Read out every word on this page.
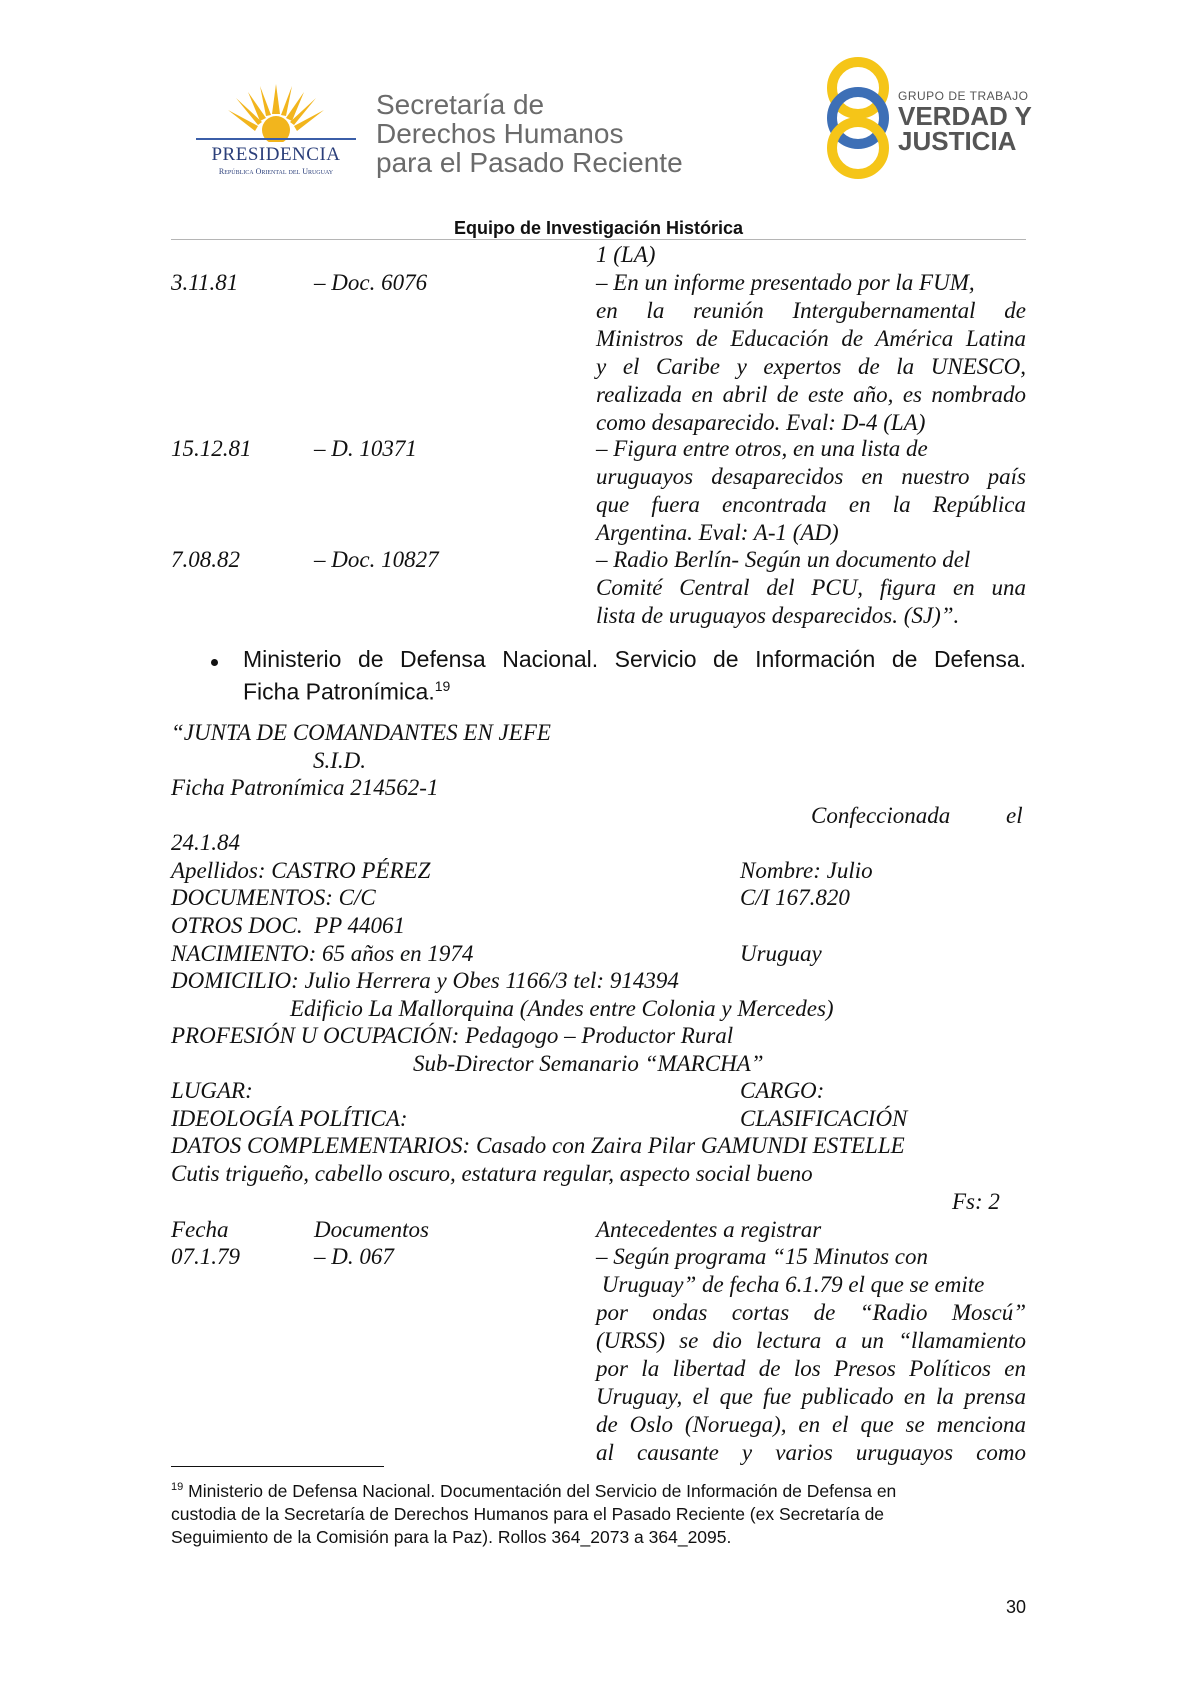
PRESIDENCIA
República Oriental del Uruguay
Secretaría de
Derechos Humanos
para el Pasado Reciente
GRUPO DE TRABAJO
VERDAD Y
JUSTICIA
Equipo de Investigación Histórica
1 (LA)
3.11.81	– Doc. 6076	– En un informe presentado por la FUM,
en la reunión Intergubernamental de
Ministros de Educación de América Latina
y el Caribe y expertos de la UNESCO,
realizada en abril de este año, es nombrado
como desaparecido. Eval: D-4 (LA)
15.12.81	– D. 10371	– Figura entre otros, en una lista de
uruguayos desaparecidos en nuestro país
que fuera encontrada en la República
Argentina. Eval: A-1 (AD)
7.08.82	– Doc. 10827	– Radio Berlín- Según un documento del
Comité Central del PCU, figura en una
lista de uruguayos desparecidos. (SJ)”.
Ministerio de Defensa Nacional. Servicio de Información de Defensa.
Ficha Patronímica.$^{19}$
“JUNTA DE COMANDANTES EN JEFE
S.I.D.
Ficha Patronímica 214562-1
Confeccionada el
24.1.84
Apellidos: CASTRO PÉREZ	Nombre: Julio
DOCUMENTOS: C/C	C/I 167.820
OTROS DOC.  PP 44061
NACIMIENTO: 65 años en 1974	Uruguay
DOMICILIO: Julio Herrera y Obes 1166/3 tel: 914394
Edificio La Mallorquina (Andes entre Colonia y Mercedes)
PROFESIÓN U OCUPACIÓN: Pedagogo – Productor Rural
Sub-Director Semanario “MARCHA”
LUGAR:	CARGO:
IDEOLOGÍA POLÍTICA:	CLASIFICACIÓN
DATOS COMPLEMENTARIOS: Casado con Zaira Pilar GAMUNDI ESTELLE
Cutis trigueño, cabello oscuro, estatura regular, aspecto social bueno
Fs: 2
Fecha	Documentos	Antecedentes a registrar
07.1.79	– D. 067	– Según programa “15 Minutos con
Uruguay” de fecha 6.1.79 el que se emite
por ondas cortas de “Radio Moscú”
(URSS) se dio lectura a un “llamamiento
por la libertad de los Presos Políticos en
Uruguay, el que fue publicado en la prensa
de Oslo (Noruega), en el que se menciona
al causante y varios uruguayos como
$^{19}$ Ministerio de Defensa Nacional. Documentación del Servicio de Información de Defensa en
custodia de la Secretaría de Derechos Humanos para el Pasado Reciente (ex Secretaría de
Seguimiento de la Comisión para la Paz). Rollos 364_2073 a 364_2095.
30
